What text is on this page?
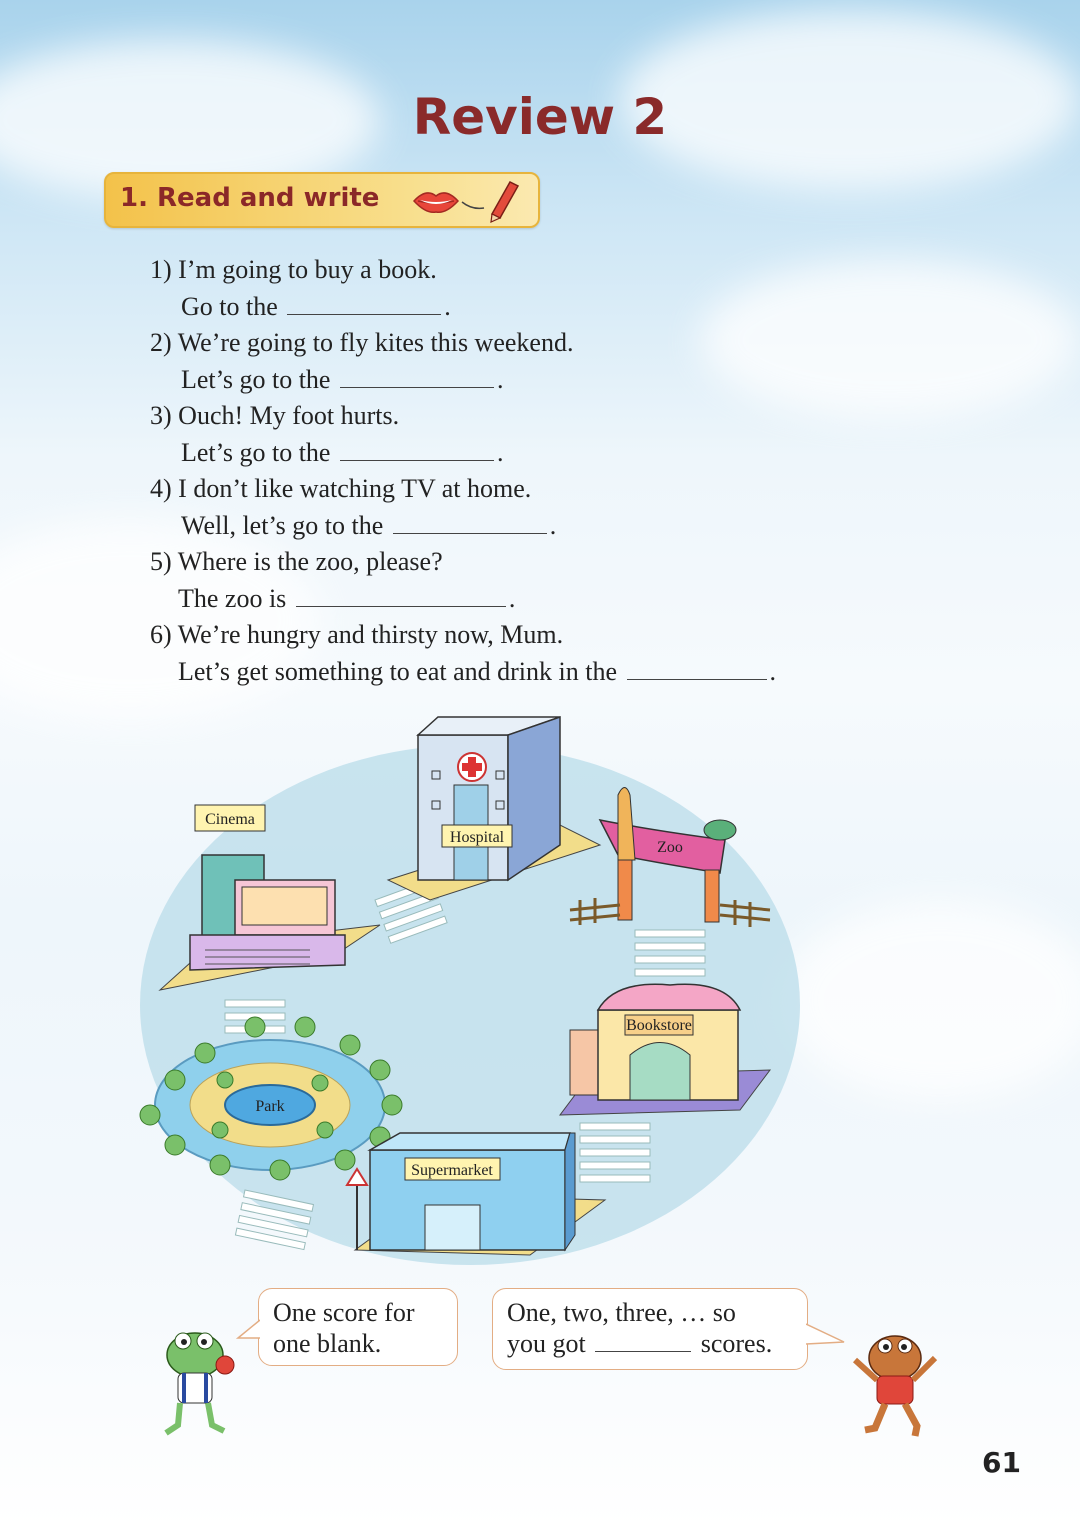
Review 2
1. Read and write
1) I’m going to buy a book.
Go to the	.
2) We’re going to fly kites this weekend.
Let’s go to the	.
3) Ouch! My foot hurts.
Let’s go to the	.
4) I don’t like watching TV at home.
Well, let’s go to the	.
5) Where is the zoo, please?
The zoo is	.
6) We’re hungry and thirsty now, Mum.
Let’s get something to eat and drink in the	.
Hospital
Cinema
Zoo
Bookstore
Park
Supermarket
One score for
one blank.
One, two, three, … so
you got	scores.
61
